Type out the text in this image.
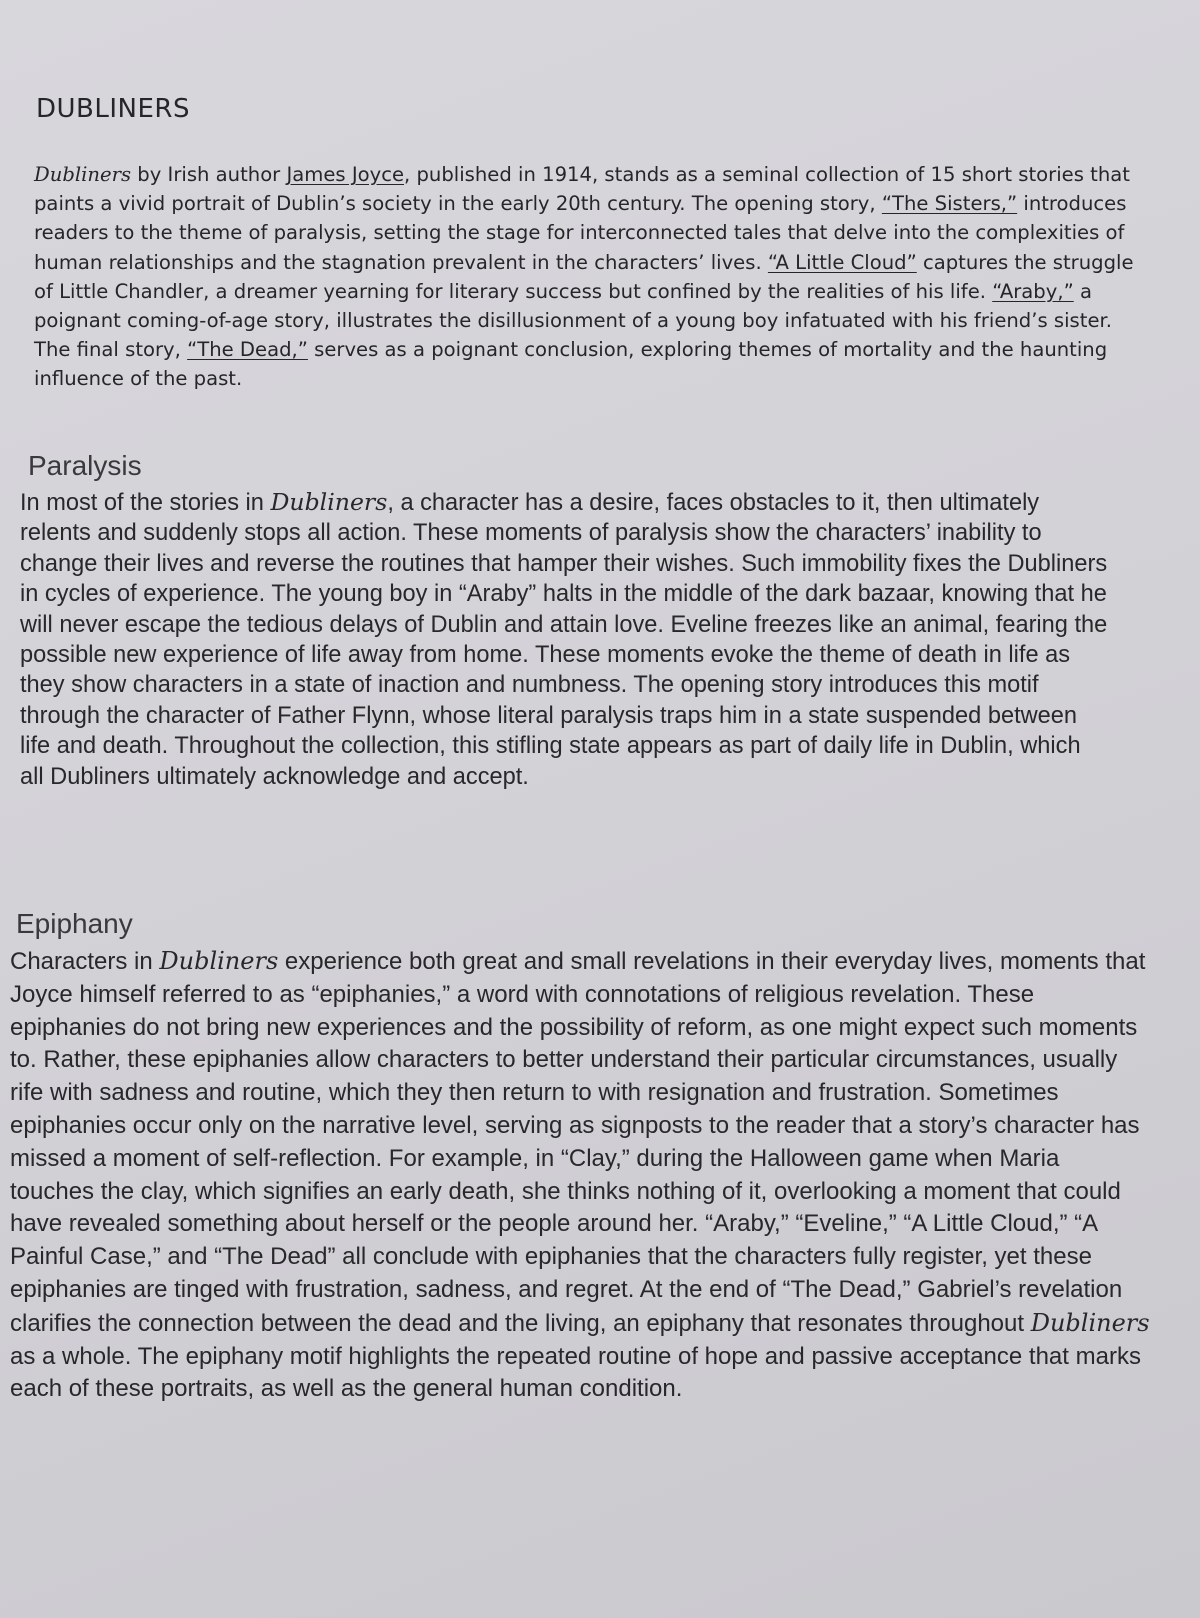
DUBLINERS

Dubliners by Irish author James Joyce, published in 1914, stands as a seminal collection of 15 short stories that paints a vivid portrait of Dublin’s society in the early 20th century. The opening story, “The Sisters,” introduces readers to the theme of paralysis, setting the stage for interconnected tales that delve into the complexities of human relationships and the stagnation prevalent in the characters’ lives. “A Little Cloud” captures the struggle of Little Chandler, a dreamer yearning for literary success but confined by the realities of his life. “Araby,” a poignant coming-of-age story, illustrates the disillusionment of a young boy infatuated with his friend’s sister. The final story, “The Dead,” serves as a poignant conclusion, exploring themes of mortality and the haunting influence of the past.

Paralysis

In most of the stories in Dubliners, a character has a desire, faces obstacles to it, then ultimately relents and suddenly stops all action. These moments of paralysis show the characters’ inability to change their lives and reverse the routines that hamper their wishes. Such immobility fixes the Dubliners in cycles of experience. The young boy in “Araby” halts in the middle of the dark bazaar, knowing that he will never escape the tedious delays of Dublin and attain love. Eveline freezes like an animal, fearing the possible new experience of life away from home. These moments evoke the theme of death in life as they show characters in a state of inaction and numbness. The opening story introduces this motif through the character of Father Flynn, whose literal paralysis traps him in a state suspended between life and death. Throughout the collection, this stifling state appears as part of daily life in Dublin, which all Dubliners ultimately acknowledge and accept.

Epiphany

Characters in Dubliners experience both great and small revelations in their everyday lives, moments that Joyce himself referred to as “epiphanies,” a word with connotations of religious revelation. These epiphanies do not bring new experiences and the possibility of reform, as one might expect such moments to. Rather, these epiphanies allow characters to better understand their particular circumstances, usually rife with sadness and routine, which they then return to with resignation and frustration. Sometimes epiphanies occur only on the narrative level, serving as signposts to the reader that a story’s character has missed a moment of self-reflection. For example, in “Clay,” during the Halloween game when Maria touches the clay, which signifies an early death, she thinks nothing of it, overlooking a moment that could have revealed something about herself or the people around her. “Araby,” “Eveline,” “A Little Cloud,” “A Painful Case,” and “The Dead” all conclude with epiphanies that the characters fully register, yet these epiphanies are tinged with frustration, sadness, and regret. At the end of “The Dead,” Gabriel’s revelation clarifies the connection between the dead and the living, an epiphany that resonates throughout Dubliners as a whole. The epiphany motif highlights the repeated routine of hope and passive acceptance that marks each of these portraits, as well as the general human condition.
